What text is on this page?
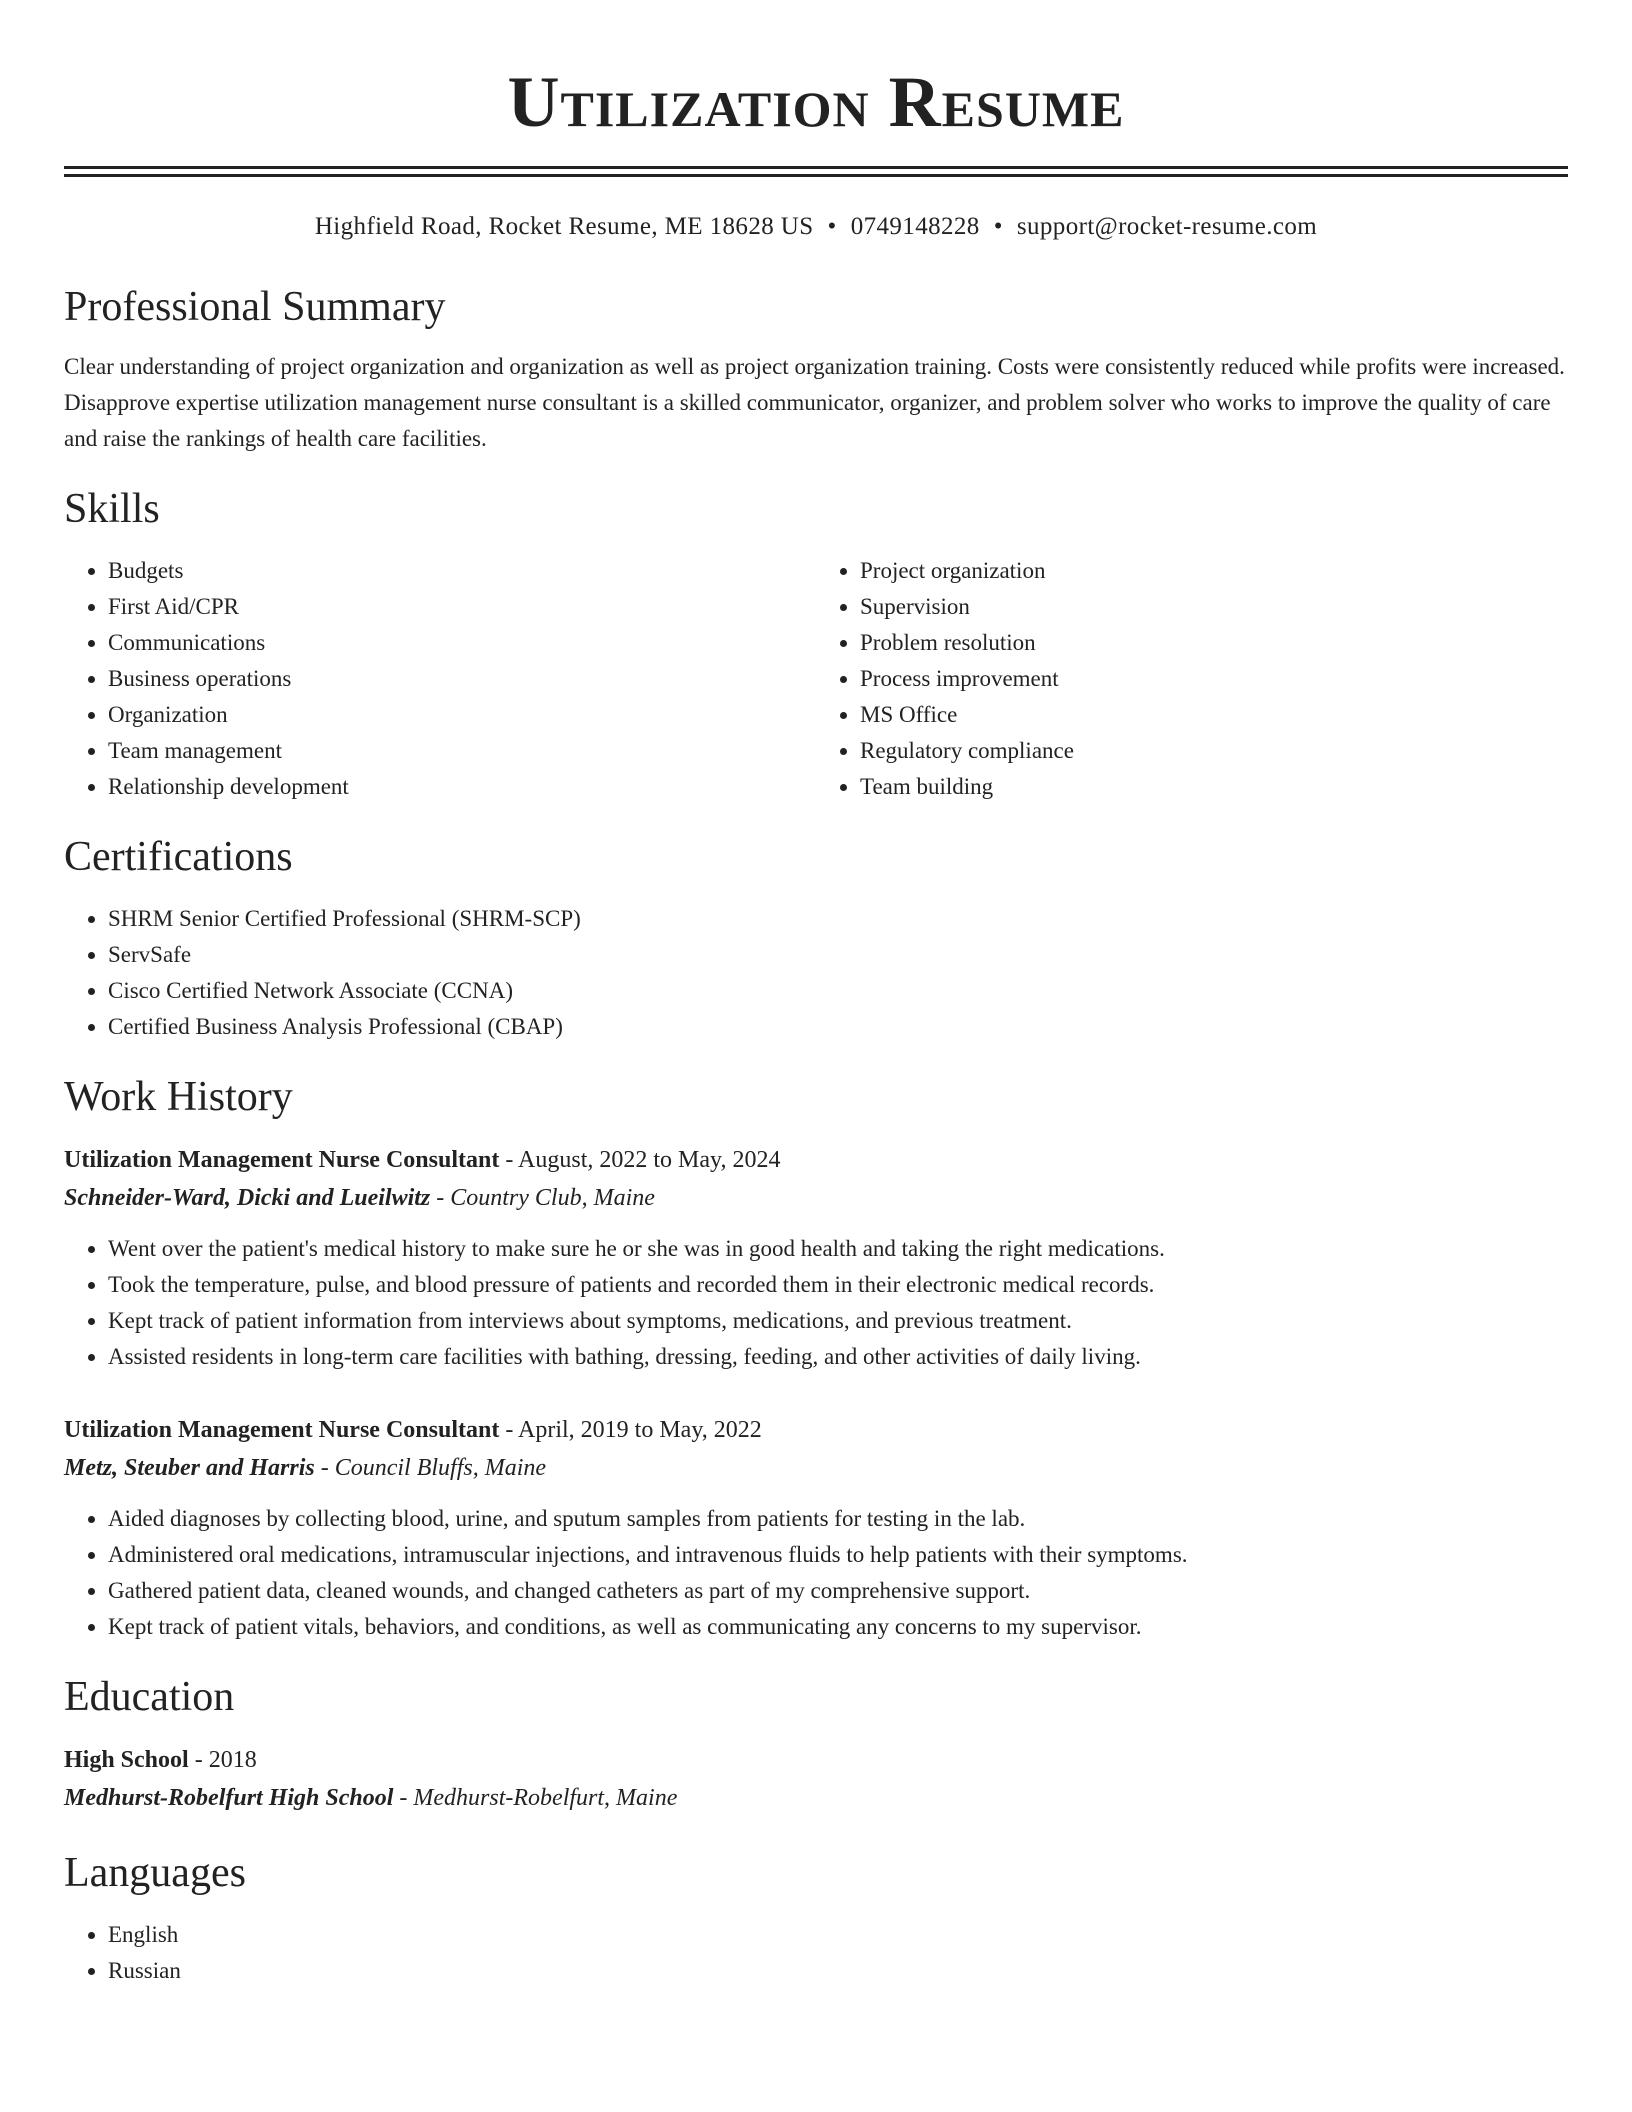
Utilization Resume
Highfield Road, Rocket Resume, ME 18628 US • 0749148228 • support@rocket-resume.com
Professional Summary

Clear understanding of project organization and organization as well as project organization training. Costs were consistently reduced while profits were increased. Disapprove expertise utilization management nurse consultant is a skilled communicator, organizer, and problem solver who works to improve the quality of care and raise the rankings of health care facilities.

Skills
• Budgets
• First Aid/CPR
• Communications
• Business operations
• Organization
• Team management
• Relationship development
• Project organization
• Supervision
• Problem resolution
• Process improvement
• MS Office
• Regulatory compliance
• Team building
Certifications
• SHRM Senior Certified Professional (SHRM-SCP)
• ServSafe
• Cisco Certified Network Associate (CCNA)
• Certified Business Analysis Professional (CBAP)
Work History
Utilization Management Nurse Consultant - August, 2022 to May, 2024
Schneider-Ward, Dicki and Lueilwitz - Country Club, Maine
• Went over the patient's medical history to make sure he or she was in good health and taking the right medications.
• Took the temperature, pulse, and blood pressure of patients and recorded them in their electronic medical records.
• Kept track of patient information from interviews about symptoms, medications, and previous treatment.
• Assisted residents in long-term care facilities with bathing, dressing, feeding, and other activities of daily living.
Utilization Management Nurse Consultant - April, 2019 to May, 2022
Metz, Steuber and Harris - Council Bluffs, Maine
• Aided diagnoses by collecting blood, urine, and sputum samples from patients for testing in the lab.
• Administered oral medications, intramuscular injections, and intravenous fluids to help patients with their symptoms.
• Gathered patient data, cleaned wounds, and changed catheters as part of my comprehensive support.
• Kept track of patient vitals, behaviors, and conditions, as well as communicating any concerns to my supervisor.
Education
High School - 2018
Medhurst-Robelfurt High School - Medhurst-Robelfurt, Maine
Languages
• English
• Russian
